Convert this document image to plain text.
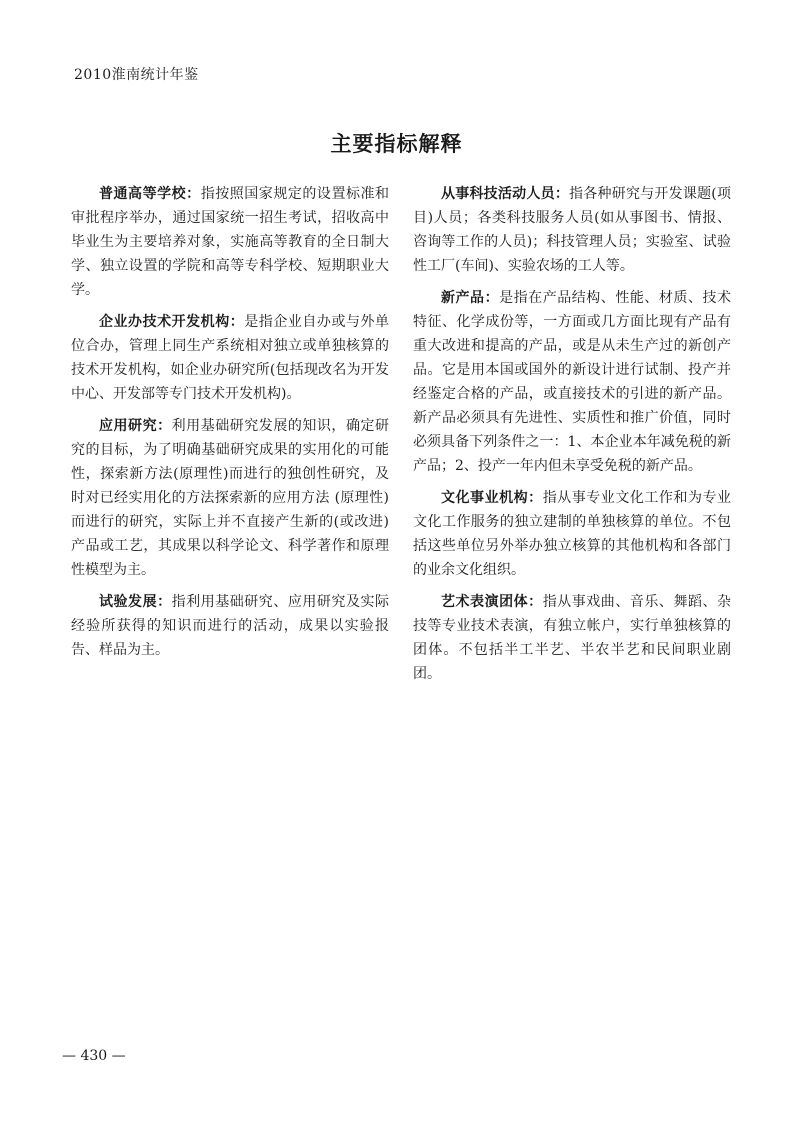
2010淮南统计年鉴
主要指标解释

普通高等学校：指按照国家规定的设置标准和审批程序举办，通过国家统一招生考试，招收高中毕业生为主要培养对象，实施高等教育的全日制大学、独立设置的学院和高等专科学校、短期职业大学。

企业办技术开发机构：是指企业自办或与外单位合办，管理上同生产系统相对独立或单独核算的技术开发机构，如企业办研究所(包括现改名为开发中心、开发部等专门技术开发机构)。

应用研究：利用基础研究发展的知识，确定研究的目标，为了明确基础研究成果的实用化的可能性，探索新方法(原理性)而进行的独创性研究，及时对已经实用化的方法探索新的应用方法 (原理性)而进行的研究，实际上并不直接产生新的(或改进)产品或工艺，其成果以科学论文、科学著作和原理性模型为主。

试验发展：指利用基础研究、应用研究及实际经验所获得的知识而进行的活动，成果以实验报告、样品为主。

从事科技活动人员：指各种研究与开发课题(项目)人员；各类科技服务人员(如从事图书、情报、咨询等工作的人员)；科技管理人员；实验室、试验性工厂(车间)、实验农场的工人等。

新产品：是指在产品结构、性能、材质、技术特征、化学成份等，一方面或几方面比现有产品有重大改进和提高的产品，或是从未生产过的新创产品。它是用本国或国外的新设计进行试制、投产并经鉴定合格的产品，或直接技术的引进的新产品。新产品必须具有先进性、实质性和推广价值，同时必须具备下列条件之一：1、本企业本年减免税的新产品；2、投产一年内但未享受免税的新产品。

文化事业机构：指从事专业文化工作和为专业文化工作服务的独立建制的单独核算的单位。不包括这些单位另外举办独立核算的其他机构和各部门的业余文化组织。

艺术表演团体：指从事戏曲、音乐、舞蹈、杂技等专业技术表演，有独立帐户，实行单独核算的团体。不包括半工半艺、半农半艺和民间职业剧团。

— 430 —
